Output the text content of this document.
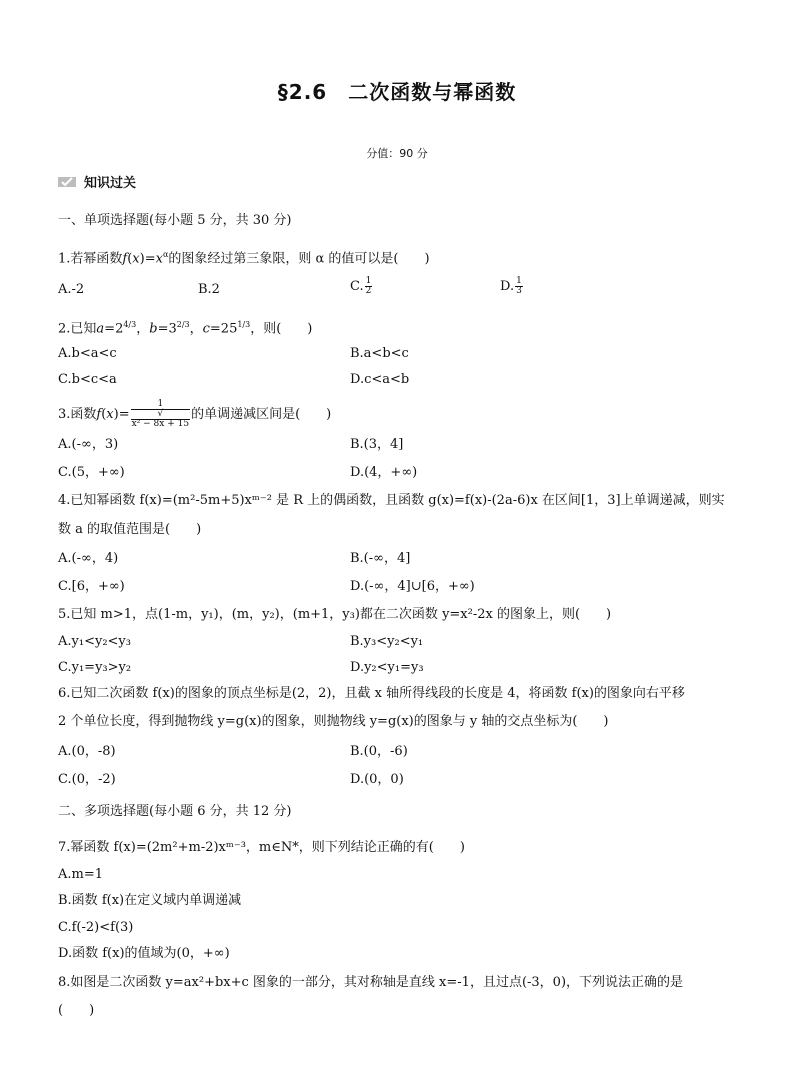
§2.6　二次函数与幂函数
分值：90 分
知识过关
一、单项选择题(每小题 5 分，共 30 分)
1.若幂函数$f(x)=x^\alpha$的图象经过第三象限，则 α 的值可以是(　　)
A.-2	B.2	C. $\frac{1}{2}$	D. $\frac{1}{3}$
2.已知$a=2^{4/3}$，$b=3^{2/3}$，$c=25^{1/3}$，则(　　)
A.b<a<c	B.a<b<c
C.b<c<a	D.c<a<b
3.函数f(x)= 1
√
x² − 8x + 15 的单调递减区间是(　　)
A.(-∞，3)	B.(3，4]
C.(5，+∞)	D.(4，+∞)
4.已知幂函数 f(x)=(m²-5m+5)xᵐ⁻² 是 R 上的偶函数，且函数 g(x)=f(x)-(2a-6)x 在区间[1，3]上单调递减，则实
数 a 的取值范围是(　　)
A.(-∞，4)	B.(-∞，4]
C.[6，+∞)	D.(-∞，4]∪[6，+∞)
5.已知 m>1，点(1-m，y₁)，(m，y₂)，(m+1，y₃)都在二次函数 y=x²-2x 的图象上，则(　　)
A.y₁<y₂<y₃	B.y₃<y₂<y₁
C.y₁=y₃>y₂	D.y₂<y₁=y₃
6.已知二次函数 f(x)的图象的顶点坐标是(2，2)，且截 x 轴所得线段的长度是 4，将函数 f(x)的图象向右平移
2 个单位长度，得到抛物线 y=g(x)的图象，则抛物线 y=g(x)的图象与 y 轴的交点坐标为(　　)
A.(0，-8)	B.(0，-6)
C.(0，-2)	D.(0，0)
二、多项选择题(每小题 6 分，共 12 分)
7.幂函数 f(x)=(2m²+m-2)xᵐ⁻³，m∈N*，则下列结论正确的有(　　)
A.m=1
B.函数 f(x)在定义域内单调递减
C.f(-2)<f(3)
D.函数 f(x)的值域为(0，+∞)
8.如图是二次函数 y=ax²+bx+c 图象的一部分，其对称轴是直线 x=-1，且过点(-3，0)，下列说法正确的是
(　　)
